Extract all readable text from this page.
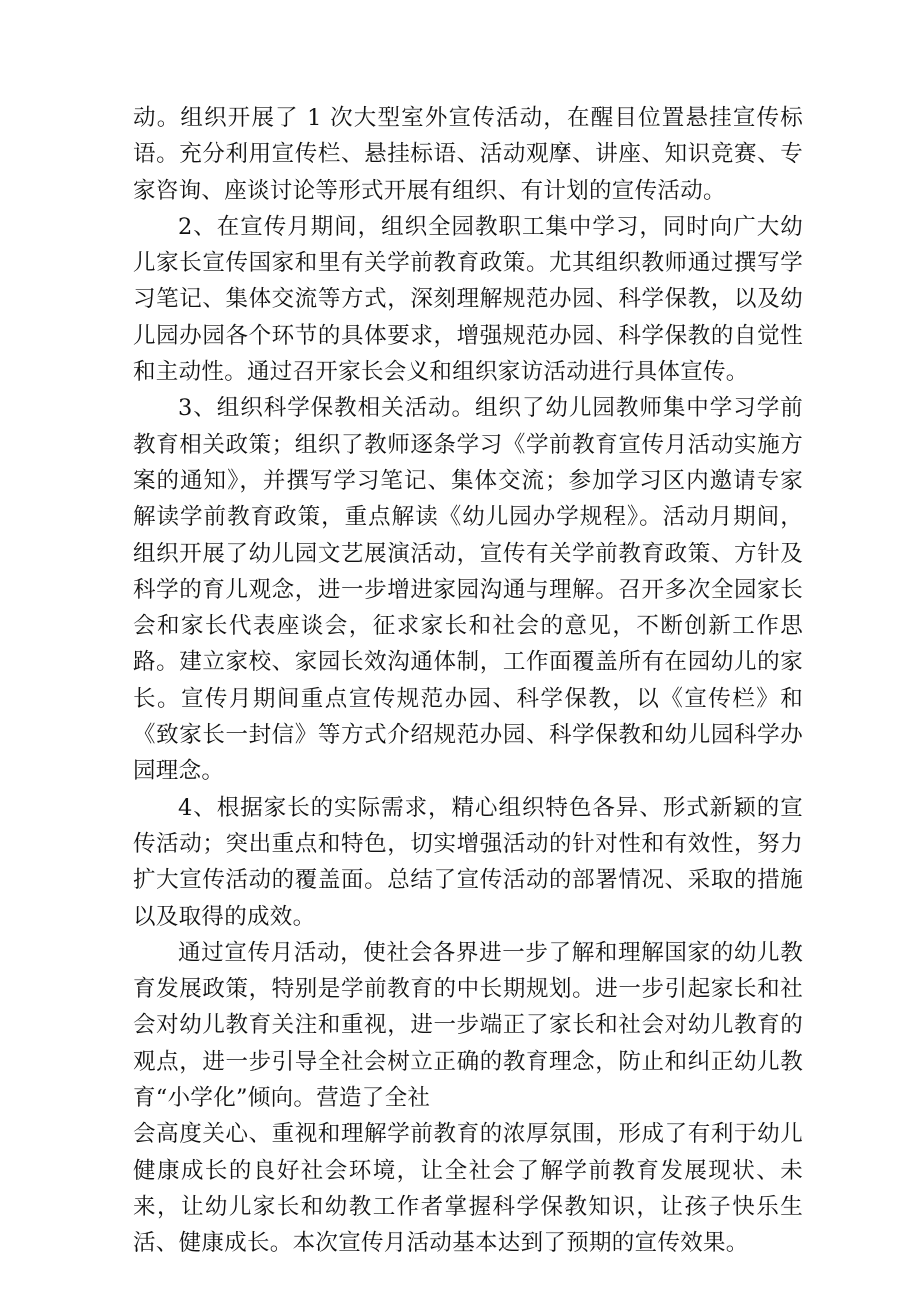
动。组织开展了 1 次大型室外宣传活动，在醒目位置悬挂宣传标语。充分利用宣传栏、悬挂标语、活动观摩、讲座、知识竞赛、专家咨询、座谈讨论等形式开展有组织、有计划的宣传活动。

2、在宣传月期间，组织全园教职工集中学习，同时向广大幼儿家长宣传国家和里有关学前教育政策。尤其组织教师通过撰写学习笔记、集体交流等方式，深刻理解规范办园、科学保教，以及幼儿园办园各个环节的具体要求，增强规范办园、科学保教的自觉性和主动性。通过召开家长会义和组织家访活动进行具体宣传。

3、组织科学保教相关活动。组织了幼儿园教师集中学习学前教育相关政策；组织了教师逐条学习《学前教育宣传月活动实施方案的通知》，并撰写学习笔记、集体交流；参加学习区内邀请专家解读学前教育政策，重点解读《幼儿园办学规程》。活动月期间，组织开展了幼儿园文艺展演活动，宣传有关学前教育政策、方针及科学的育儿观念，进一步增进家园沟通与理解。召开多次全园家长会和家长代表座谈会，征求家长和社会的意见，不断创新工作思路。建立家校、家园长效沟通体制，工作面覆盖所有在园幼儿的家长。宣传月期间重点宣传规范办园、科学保教，以《宣传栏》和《致家长一封信》等方式介绍规范办园、科学保教和幼儿园科学办园理念。

4、根据家长的实际需求，精心组织特色各异、形式新颖的宣传活动；突出重点和特色，切实增强活动的针对性和有效性，努力扩大宣传活动的覆盖面。总结了宣传活动的部署情况、采取的措施以及取得的成效。

通过宣传月活动，使社会各界进一步了解和理解国家的幼儿教育发展政策，特别是学前教育的中长期规划。进一步引起家长和社会对幼儿教育关注和重视，进一步端正了家长和社会对幼儿教育的观点，进一步引导全社会树立正确的教育理念，防止和纠正幼儿教育“小学化”倾向。营造了全社

会高度关心、重视和理解学前教育的浓厚氛围，形成了有利于幼儿健康成长的良好社会环境，让全社会了解学前教育发展现状、未来，让幼儿家长和幼教工作者掌握科学保教知识，让孩子快乐生活、健康成长。本次宣传月活动基本达到了预期的宣传效果。
